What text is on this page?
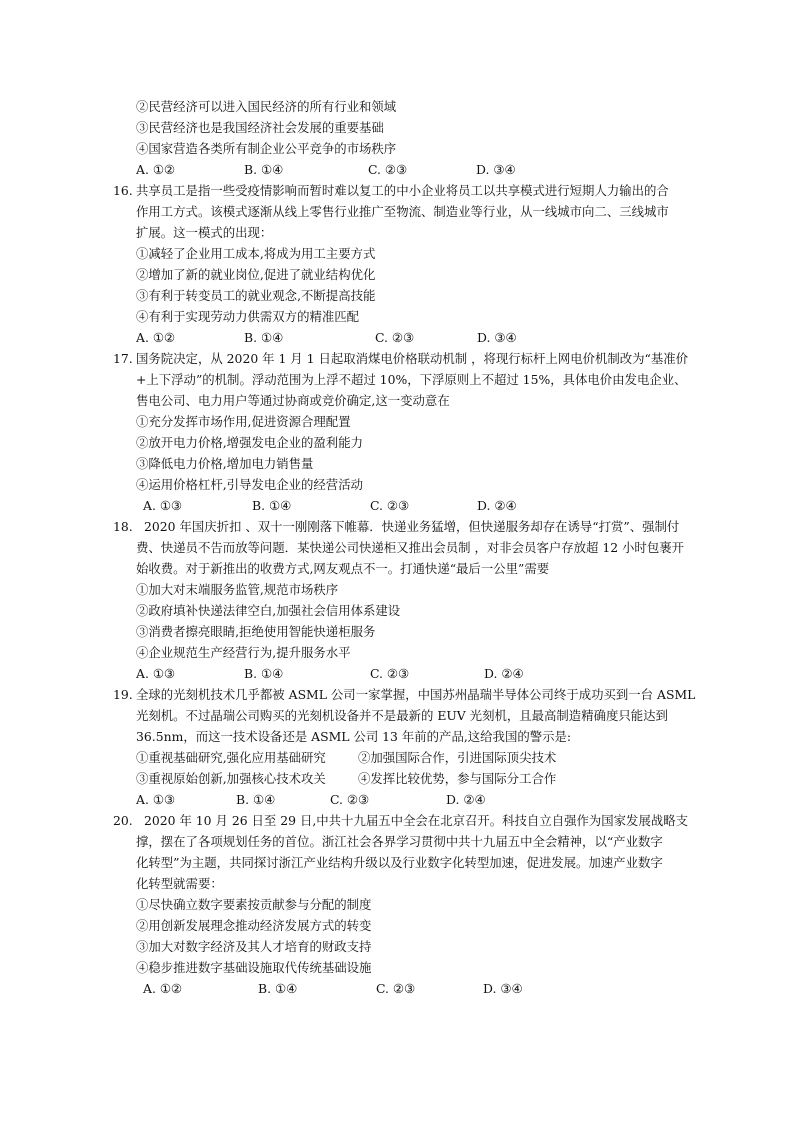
②民营经济可以进入国民经济的所有行业和领域
③民营经济也是我国经济社会发展的重要基础
④国家营造各类所有制企业公平竞争的市场秩序
A. ①②	B. ①④	C. ②③	D. ③④
16. 共享员工是指一些受疫情影响而暂时难以复工的中小企业将员工以共享模式进行短期人力输出的合
作用工方式。该模式逐渐从线上零售行业推广至物流、制造业等行业，从一线城市向二、三线城市
扩展。这一模式的出现：
①减轻了企业用工成本,将成为用工主要方式
②增加了新的就业岗位,促进了就业结构优化
③有利于转变员工的就业观念,不断提高技能
④有利于实现劳动力供需双方的精准匹配
A. ①②	B. ①④	C. ②③	D. ③④
17. 国务院决定，从 2020 年 1 月 1 日起取消煤电价格联动机制 ，将现行标杆上网电价机制改为“基准价
+上下浮动”的机制。浮动范围为上浮不超过 10%，下浮原则上不超过 15%，具体电价由发电企业、
售电公司、电力用户等通过协商或竞价确定,这一变动意在
①充分发挥市场作用,促进资源合理配置
②放开电力价格,增强发电企业的盈利能力
③降低电力价格,增加电力销售量
④运用价格杠杆,引导发电企业的经营活动
A. ①③	B. ①④	C. ②③	D. ②④
18. 2020 年国庆折扣 、双十一刚刚落下帷幕．快递业务猛增，但快递服务却存在诱导“打赏”、强制付
费、快递员不告而放等问题．某快递公司快递柜又推出会员制 ，对非会员客户存放超 12 小时包裹开
始收费。对于新推出的收费方式,网友观点不一。打通快递“最后一公里”需要
①加大对末端服务监管,规范市场秩序
②政府填补快递法律空白,加强社会信用体系建设
③消费者擦亮眼睛,拒绝使用智能快递柜服务
④企业规范生产经营行为,提升服务水平
A. ①③	B. ①④	C. ②③	D. ②④
19. 全球的光刻机技术几乎都被 ASML 公司一家掌握，中国苏州晶瑞半导体公司终于成功买到一台 ASML
光刻机。不过晶瑞公司购买的光刻机设备并不是最新的 EUV 光刻机，且最高制造精确度只能达到
36.5nm，而这一技术设备还是 ASML 公司 13 年前的产品,这给我国的警示是:
①重视基础研究,强化应用基础研究	②加强国际合作，引进国际顶尖技术
③重视原始创新,加强核心技术攻关	④发挥比较优势，参与国际分工合作
A. ①③	B. ①④	C. ②③	D. ②④
20. 2020 年 10 月 26 日至 29 日,中共十九届五中全会在北京召开。科技自立自强作为国家发展战略支
撑，摆在了各项规划任务的首位。浙江社会各界学习贯彻中共十九届五中全会精神，以“产业数字
化转型”为主题，共同探讨浙江产业结构升级以及行业数字化转型加速，促进发展。加速产业数字
化转型就需要：
①尽快确立数字要素按贡献参与分配的制度
②用创新发展理念推动经济发展方式的转变
③加大对数字经济及其人才培育的财政支持
④稳步推进数字基础设施取代传统基础设施
A. ①②	B. ①④	C. ②③	D. ③④
